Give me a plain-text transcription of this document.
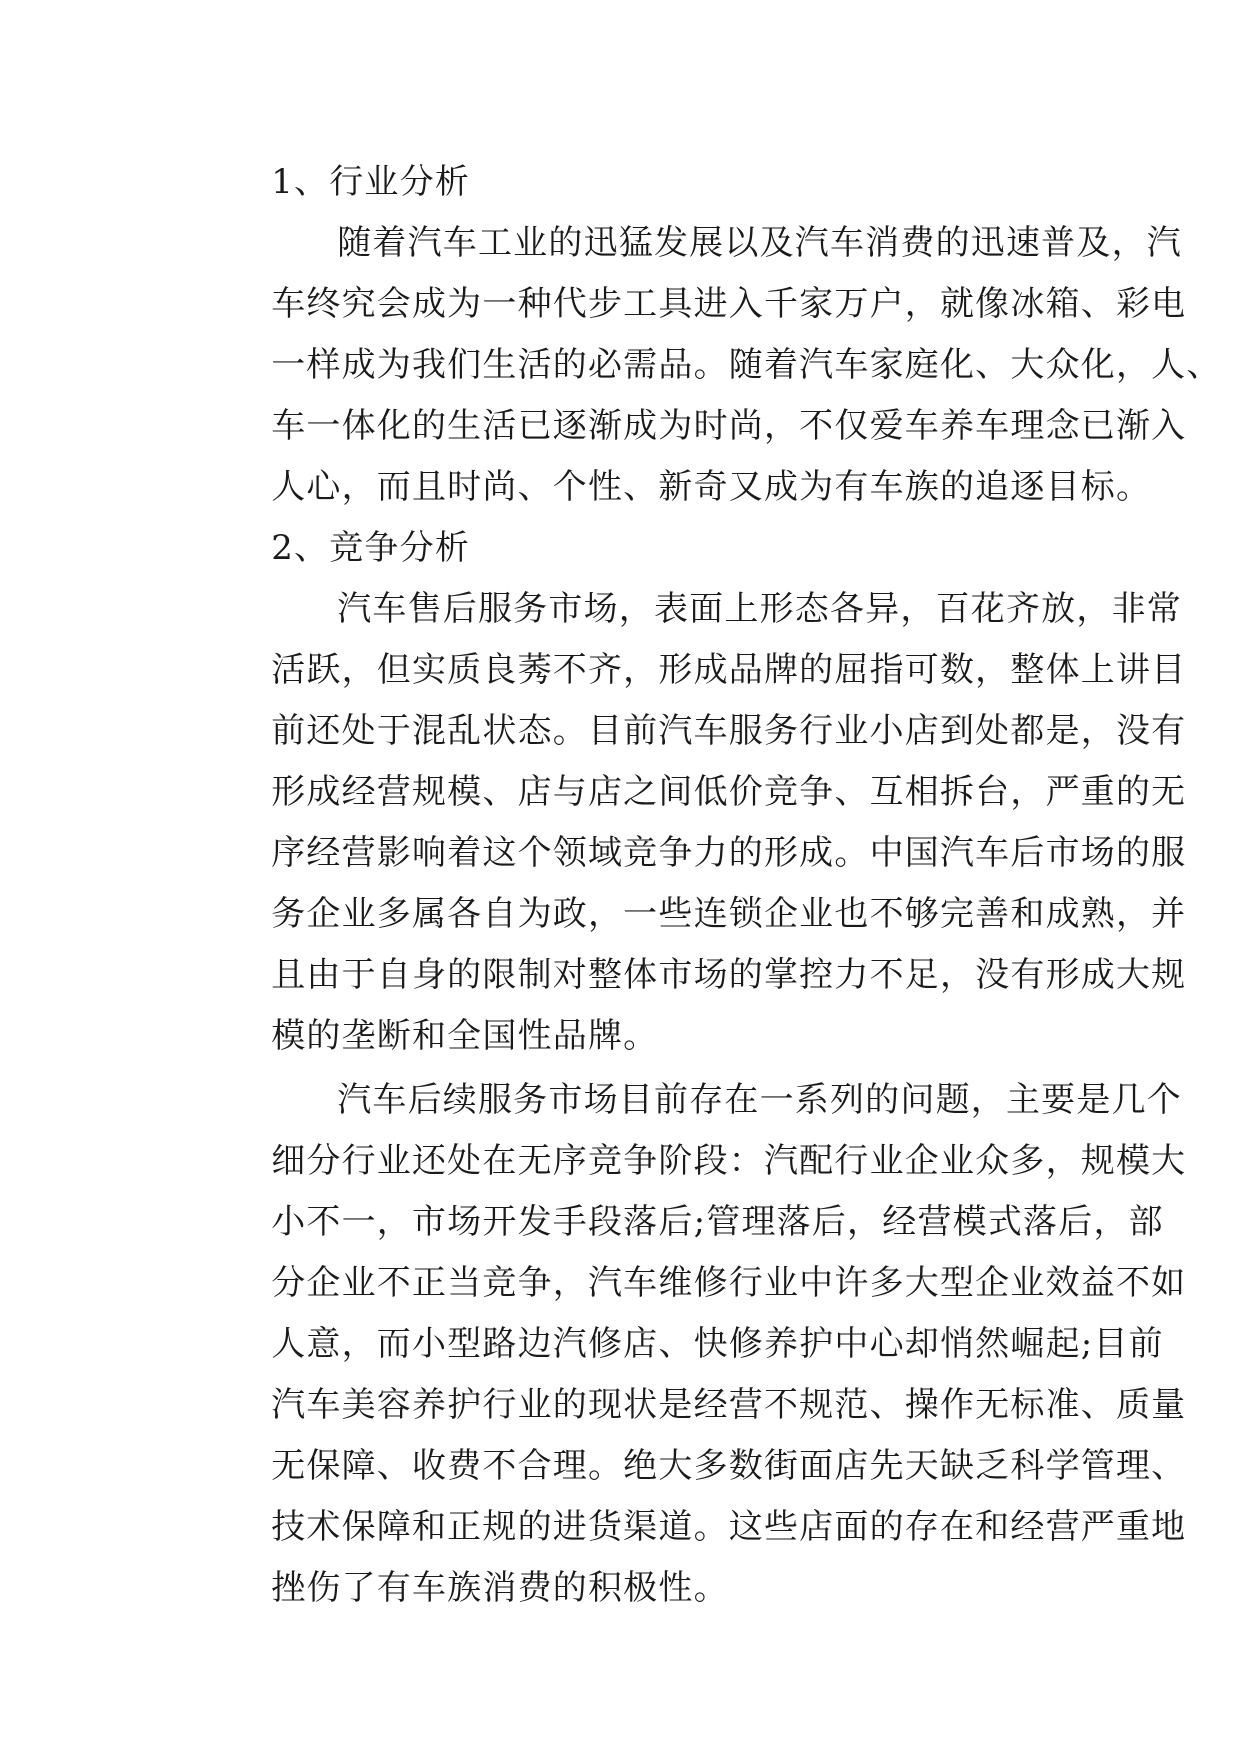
1、行业分析

随着汽车工业的迅猛发展以及汽车消费的迅速普及，汽
车终究会成为一种代步工具进入千家万户，就像冰箱、彩电
一样成为我们生活的必需品。随着汽车家庭化、大众化，人、
车一体化的生活已逐渐成为时尚，不仅爱车养车理念已渐入
人心，而且时尚、个性、新奇又成为有车族的追逐目标。

2、竞争分析

汽车售后服务市场，表面上形态各异，百花齐放，非常
活跃，但实质良莠不齐，形成品牌的屈指可数，整体上讲目
前还处于混乱状态。目前汽车服务行业小店到处都是，没有
形成经营规模、店与店之间低价竞争、互相拆台，严重的无
序经营影响着这个领域竞争力的形成。中国汽车后市场的服
务企业多属各自为政，一些连锁企业也不够完善和成熟，并
且由于自身的限制对整体市场的掌控力不足，没有形成大规
模的垄断和全国性品牌。

汽车后续服务市场目前存在一系列的问题，主要是几个
细分行业还处在无序竞争阶段：汽配行业企业众多，规模大
小不一，市场开发手段落后;管理落后，经营模式落后，部
分企业不正当竞争，汽车维修行业中许多大型企业效益不如
人意，而小型路边汽修店、快修养护中心却悄然崛起;目前
汽车美容养护行业的现状是经营不规范、操作无标准、质量
无保障、收费不合理。绝大多数街面店先天缺乏科学管理、
技术保障和正规的进货渠道。这些店面的存在和经营严重地
挫伤了有车族消费的积极性。
